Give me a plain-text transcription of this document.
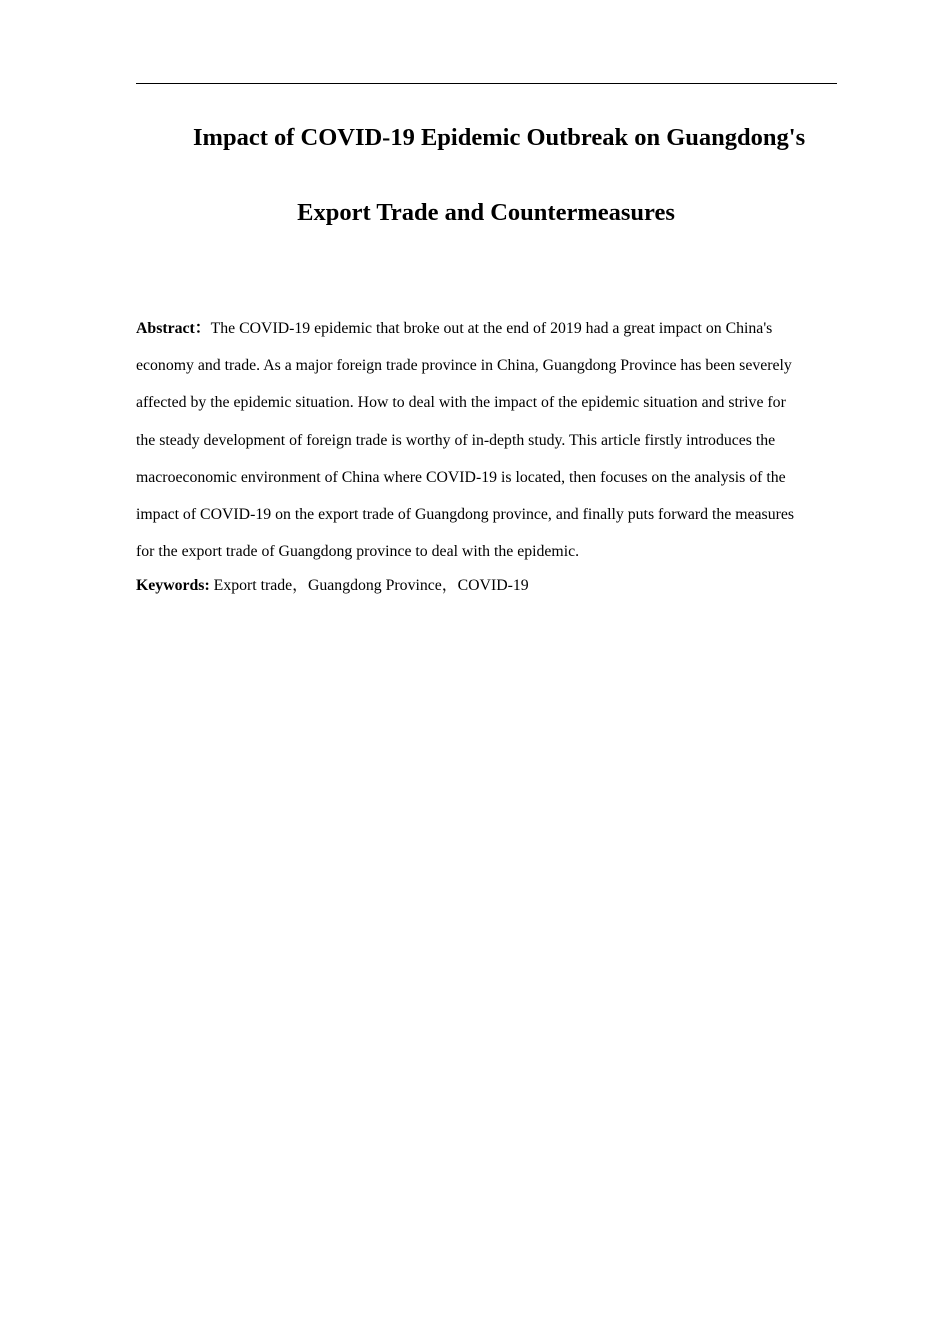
Impact of COVID-19 Epidemic Outbreak on Guangdong's
Export Trade and Countermeasures
Abstract：The COVID-19 epidemic that broke out at the end of 2019 had a great impact on China's
economy and trade. As a major foreign trade province in China, Guangdong Province has been severely
affected by the epidemic situation. How to deal with the impact of the epidemic situation and strive for
the steady development of foreign trade is worthy of in-depth study. This article firstly introduces the
macroeconomic environment of China where COVID-19 is located, then focuses on the analysis of the
impact of COVID-19 on the export trade of Guangdong province, and finally puts forward the measures
for the export trade of Guangdong province to deal with the epidemic.
Keywords: Export trade，Guangdong Province，COVID-19
